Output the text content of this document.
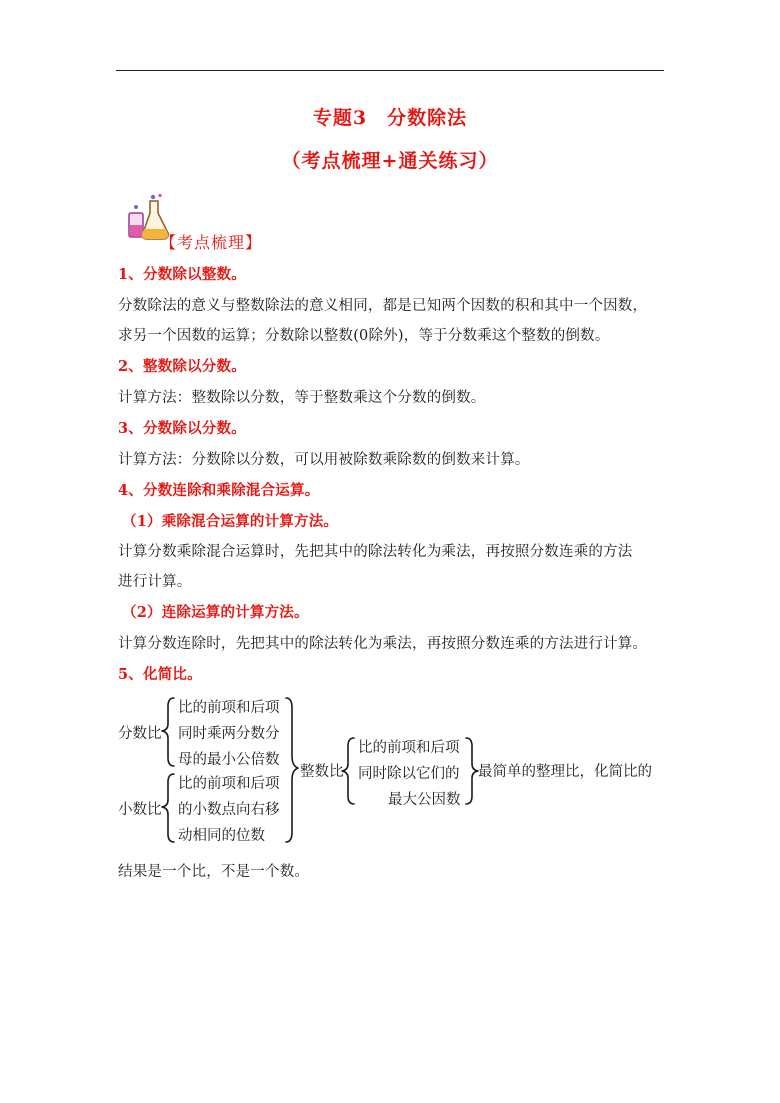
专题3　分数除法
（考点梳理+通关练习）
【考点梳理】
1、分数除以整数。
分数除法的意义与整数除法的意义相同，都是已知两个因数的积和其中一个因数，
求另一个因数的运算；分数除以整数(0除外)，等于分数乘这个整数的倒数。
2、整数除以分数。
计算方法：整数除以分数，等于整数乘这个分数的倒数。
3、分数除以分数。
计算方法：分数除以分数，可以用被除数乘除数的倒数来计算。
4、分数连除和乘除混合运算。
（1）乘除混合运算的计算方法。
计算分数乘除混合运算时，先把其中的除法转化为乘法，再按照分数连乘的方法
进行计算。
（2）连除运算的计算方法。
计算分数连除时，先把其中的除法转化为乘法，再按照分数连乘的方法进行计算。
5、化简比。
分数比
比的前项和后项
同时乘两分数分
母的最小公倍数
小数比
比的前项和后项
的小数点向右移
动相同的位数
整数比
比的前项和后项
同时除以它们的
最大公因数
最简单的整理比，化简比的
结果是一个比，不是一个数。
